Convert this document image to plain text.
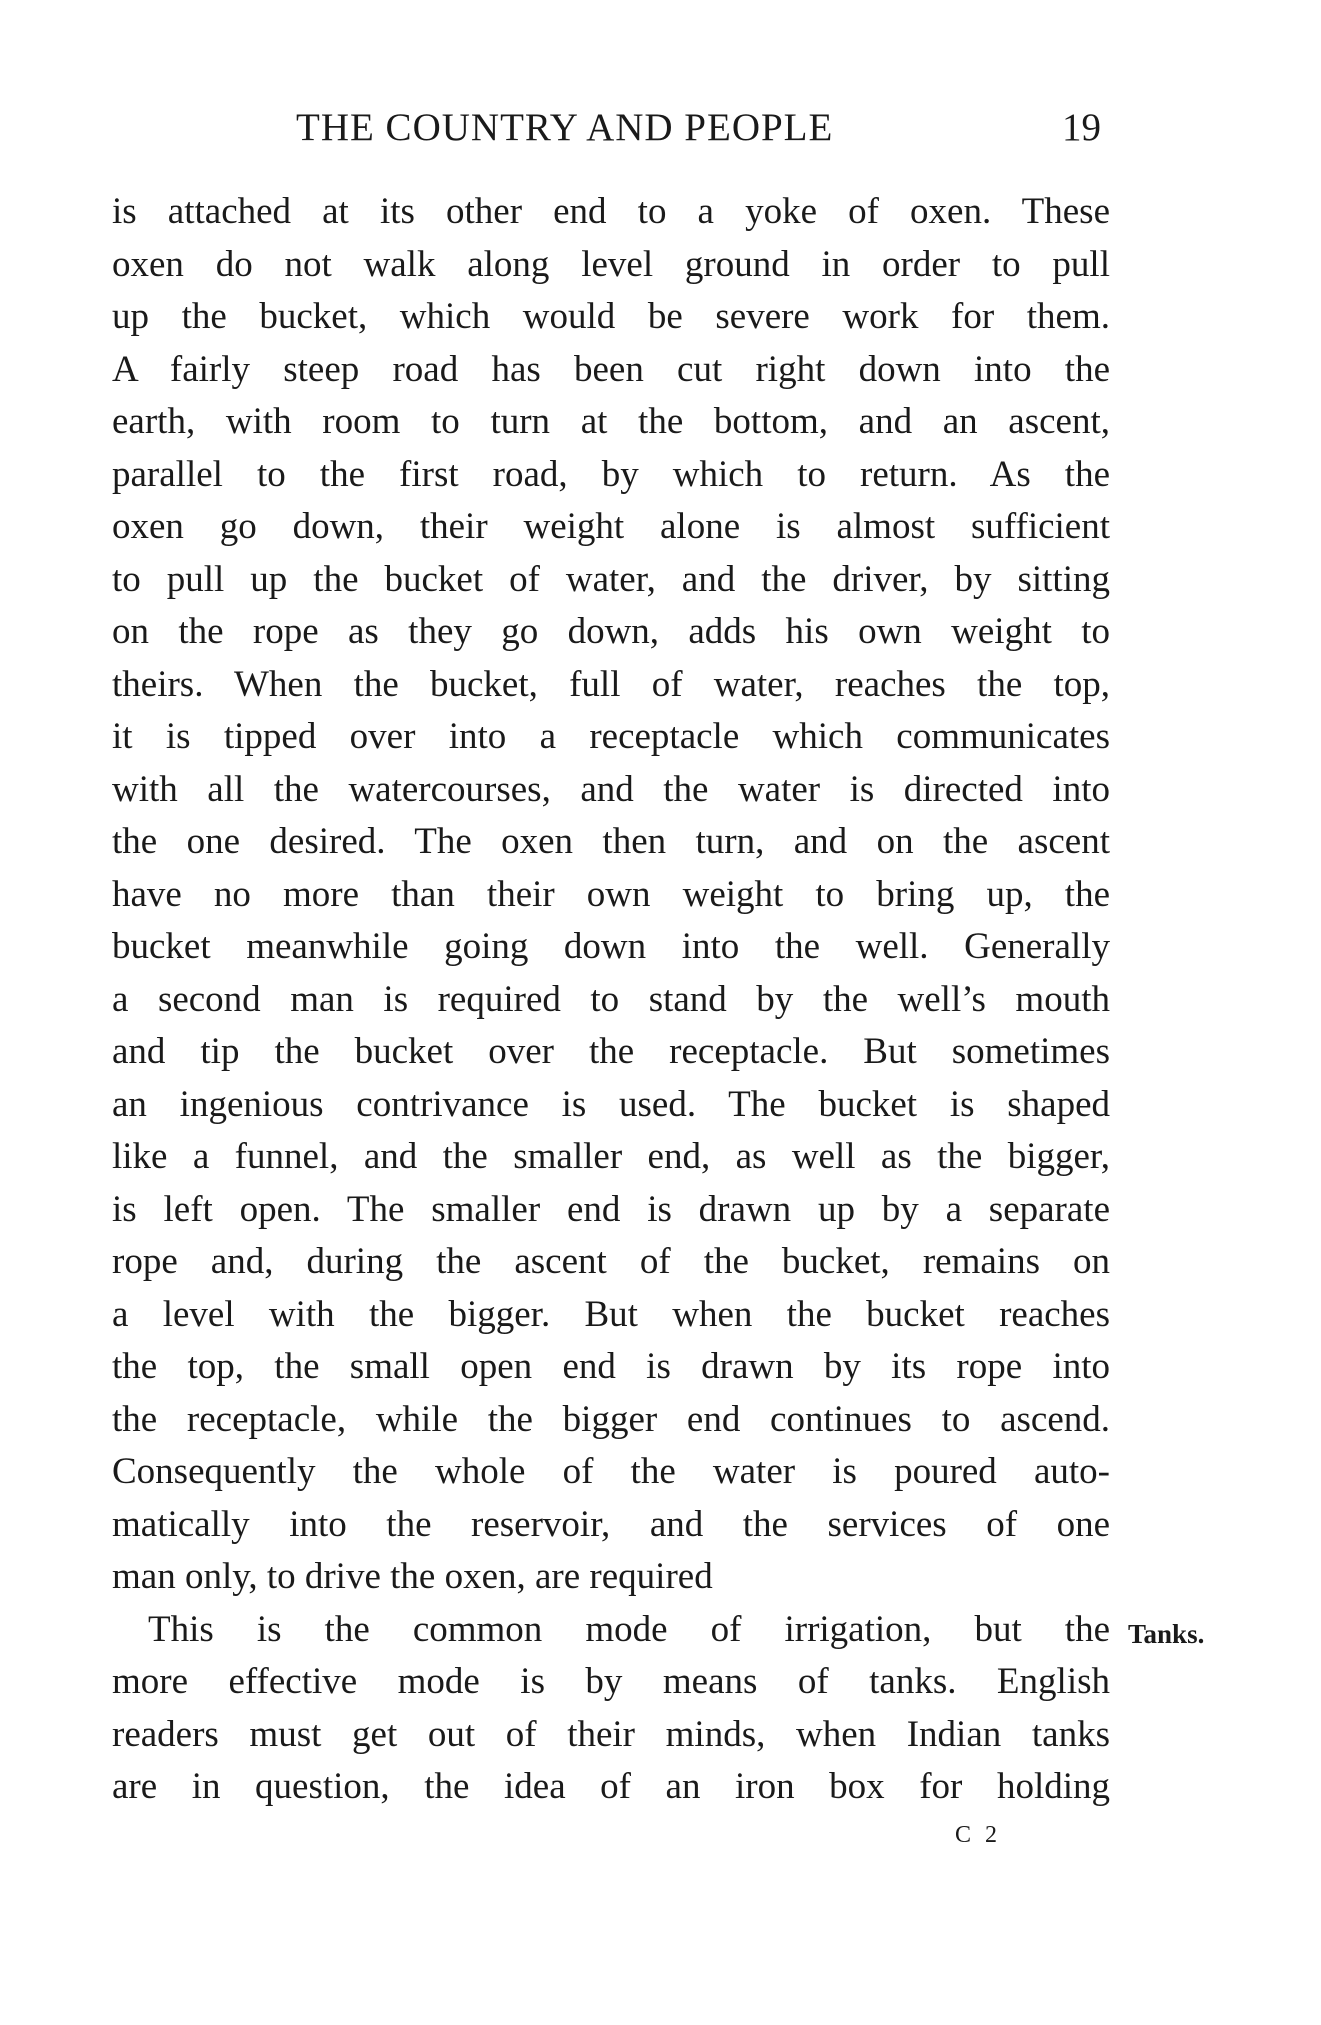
THE COUNTRY AND PEOPLE	19
is attached at its other end to a yoke of oxen. These
oxen do not walk along level ground in order to pull
up the bucket, which would be severe work for them.
A fairly steep road has been cut right down into the
earth, with room to turn at the bottom, and an ascent,
parallel to the first road, by which to return. As the
oxen go down, their weight alone is almost sufficient
to pull up the bucket of water, and the driver, by sitting
on the rope as they go down, adds his own weight to
theirs. When the bucket, full of water, reaches the top,
it is tipped over into a receptacle which communicates
with all the watercourses, and the water is directed into
the one desired. The oxen then turn, and on the ascent
have no more than their own weight to bring up, the
bucket meanwhile going down into the well. Generally
a second man is required to stand by the well’s mouth
and tip the bucket over the receptacle. But sometimes
an ingenious contrivance is used. The bucket is shaped
like a funnel, and the smaller end, as well as the bigger,
is left open. The smaller end is drawn up by a separate
rope and, during the ascent of the bucket, remains on
a level with the bigger. But when the bucket reaches
the top, the small open end is drawn by its rope into
the receptacle, while the bigger end continues to ascend.
Consequently the whole of the water is poured auto-
matically into the reservoir, and the services of one
man only, to drive the oxen, are required
This is the common mode of irrigation, but the
more effective mode is by means of tanks. English
readers must get out of their minds, when Indian tanks
are in question, the idea of an iron box for holding
Tanks.
C 2
